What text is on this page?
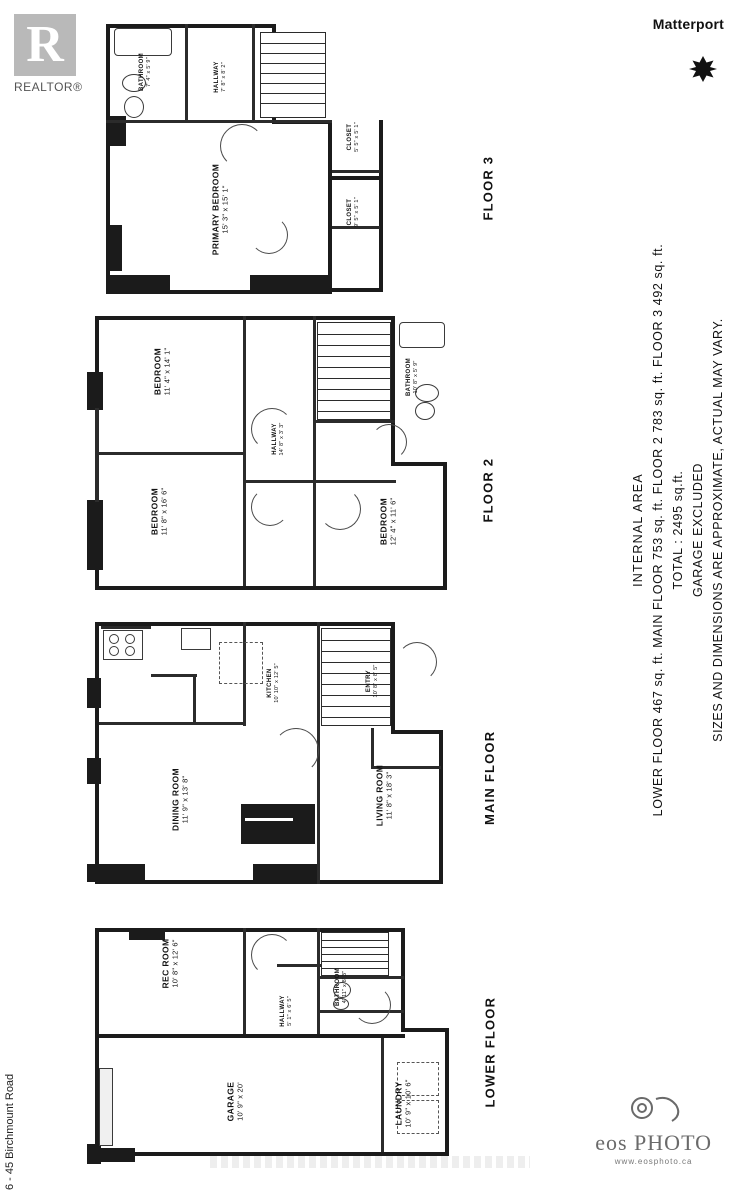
R
REALTOR®
Matterport
6 - 45 Birchmount Road
INTERNAL AREA LOWER FLOOR 467 sq. ft. MAIN FLOOR 753 sq. ft. FLOOR 2 783 sq. ft. FLOOR 3 492 sq. ft. TOTAL : 2495 sq.ft. GARAGE EXCLUDED SIZES AND DIMENSIONS ARE APPROXIMATE, ACTUAL MAY VARY.
FLOOR 3
FLOOR 2
MAIN FLOOR
LOWER FLOOR
PRIMARY BEDROOM 15' 3" x 15' 1"
HALLWAY 7' 8" x 8' 2"
BATHROOM 7' 4" x 5' 9"
CLOSET 5' 5" x 5' 1"
CLOSET 9' 5" x 5' 1"
BEDROOM 11' 4" x 14' 1"
BEDROOM 11' 8" x 16' 6"	BEDROOM 12' 4" x 11' 6"
BATHROOM 10' 8" x 5' 9"
HALLWAY 14' 8" x 3' 3"
KITCHEN 10' 10" x 12' 5"
DINING ROOM 11' 9" x 13' 8"	LIVING ROOM 11' 8" x 18' 3"
ENTRY 10' 8" x 8' 5"
REC ROOM 10' 8" x 12' 6"	BATHROOM 4' 11" x 8' 3"
HALLWAY 5' 1" x 6' 5"
GARAGE 10' 9" x 20'	LAUNDRY 10' 9" x 10' 6"
eos PHOTO
www.eosphoto.ca
